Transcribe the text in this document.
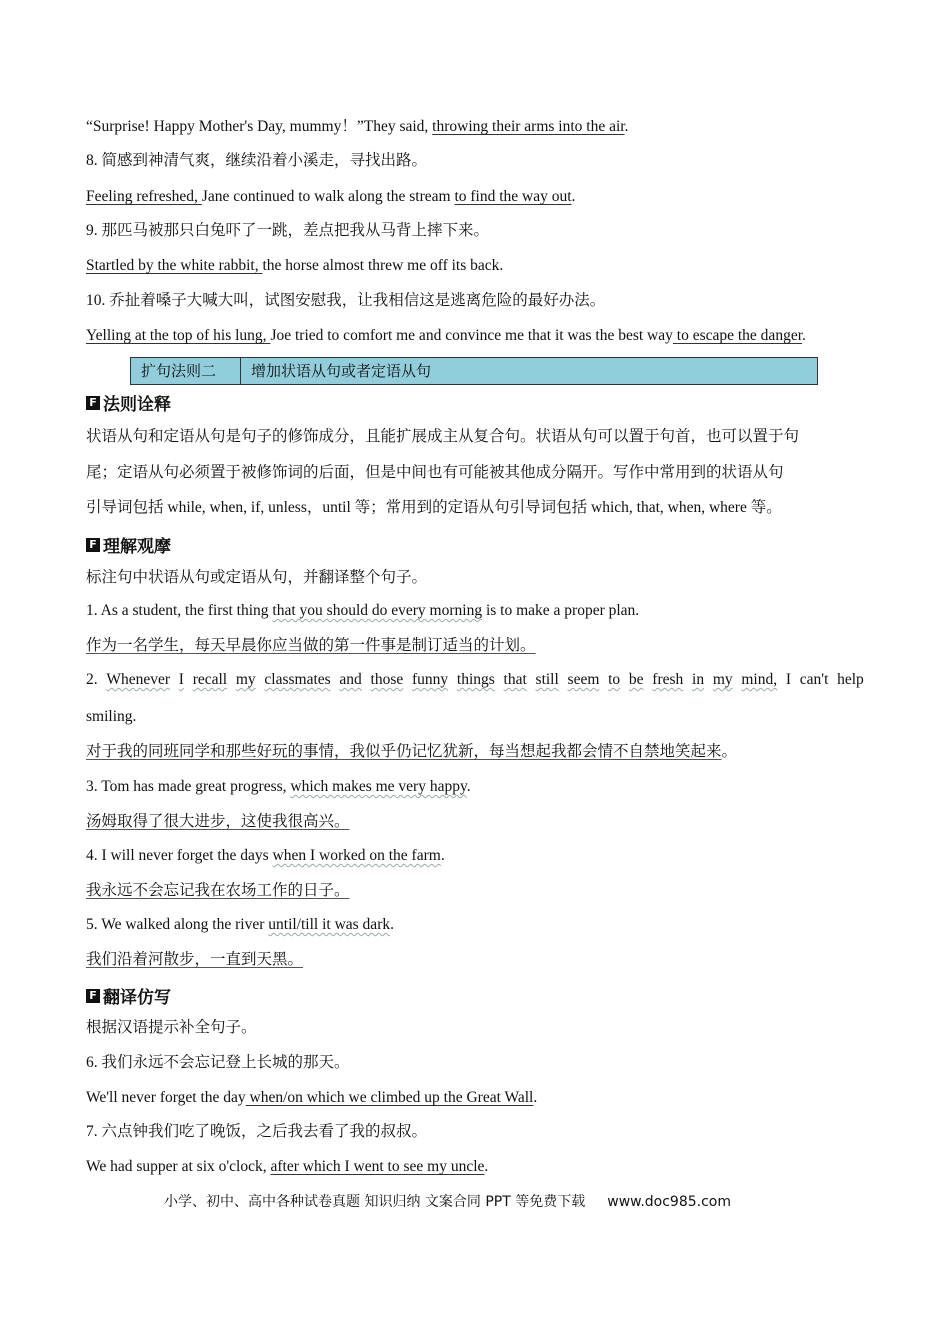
“Surprise! Happy Mother's Day, mummy！”They said, throwing their arms into the air.
8. 简感到神清气爽，继续沿着小溪走，寻找出路。
Feeling refreshed, Jane continued to walk along the stream to find the way out.
9. 那匹马被那只白兔吓了一跳，差点把我从马背上摔下来。
Startled by the white rabbit, the horse almost threw me off its back.
10. 乔扯着嗓子大喊大叫，试图安慰我，让我相信这是逃离危险的最好办法。
Yelling at the top of his lung, Joe tried to comfort me and convince me that it was the best way to escape the danger.
扩句法则二	增加状语从句或者定语从句
F 法则诠释
状语从句和定语从句是句子的修饰成分，且能扩展成主从复合句。状语从句可以置于句首，也可以置于句
尾；定语从句必须置于被修饰词的后面，但是中间也有可能被其他成分隔开。写作中常用到的状语从句
引导词包括 while, when, if, unless，until 等；常用到的定语从句引导词包括 which, that, when, where 等。
F 理解观摩
标注句中状语从句或定语从句，并翻译整个句子。
1. As a student, the first thing that you should do every morning is to make a proper plan.
作为一名学生，每天早晨你应当做的第一件事是制订适当的计划。
2. Whenever I recall my classmates and those funny things that still seem to be fresh in my mind, I can't help
smiling.
对于我的同班同学和那些好玩的事情，我似乎仍记忆犹新，每当想起我都会情不自禁地笑起来。
3. Tom has made great progress, which makes me very happy.
汤姆取得了很大进步，这使我很高兴。
4. I will never forget the days when I worked on the farm.
我永远不会忘记我在农场工作的日子。
5. We walked along the river until/till it was dark.
我们沿着河散步，一直到天黑。
F 翻译仿写
根据汉语提示补全句子。
6. 我们永远不会忘记登上长城的那天。
We'll never forget the day when/on which we climbed up the Great Wall.
7. 六点钟我们吃了晚饭，之后我去看了我的叔叔。
We had supper at six o'clock, after which I went to see my uncle.
小学、初中、高中各种试卷真题 知识归纳 文案合同 PPT 等免费下载 www.doc985.com
